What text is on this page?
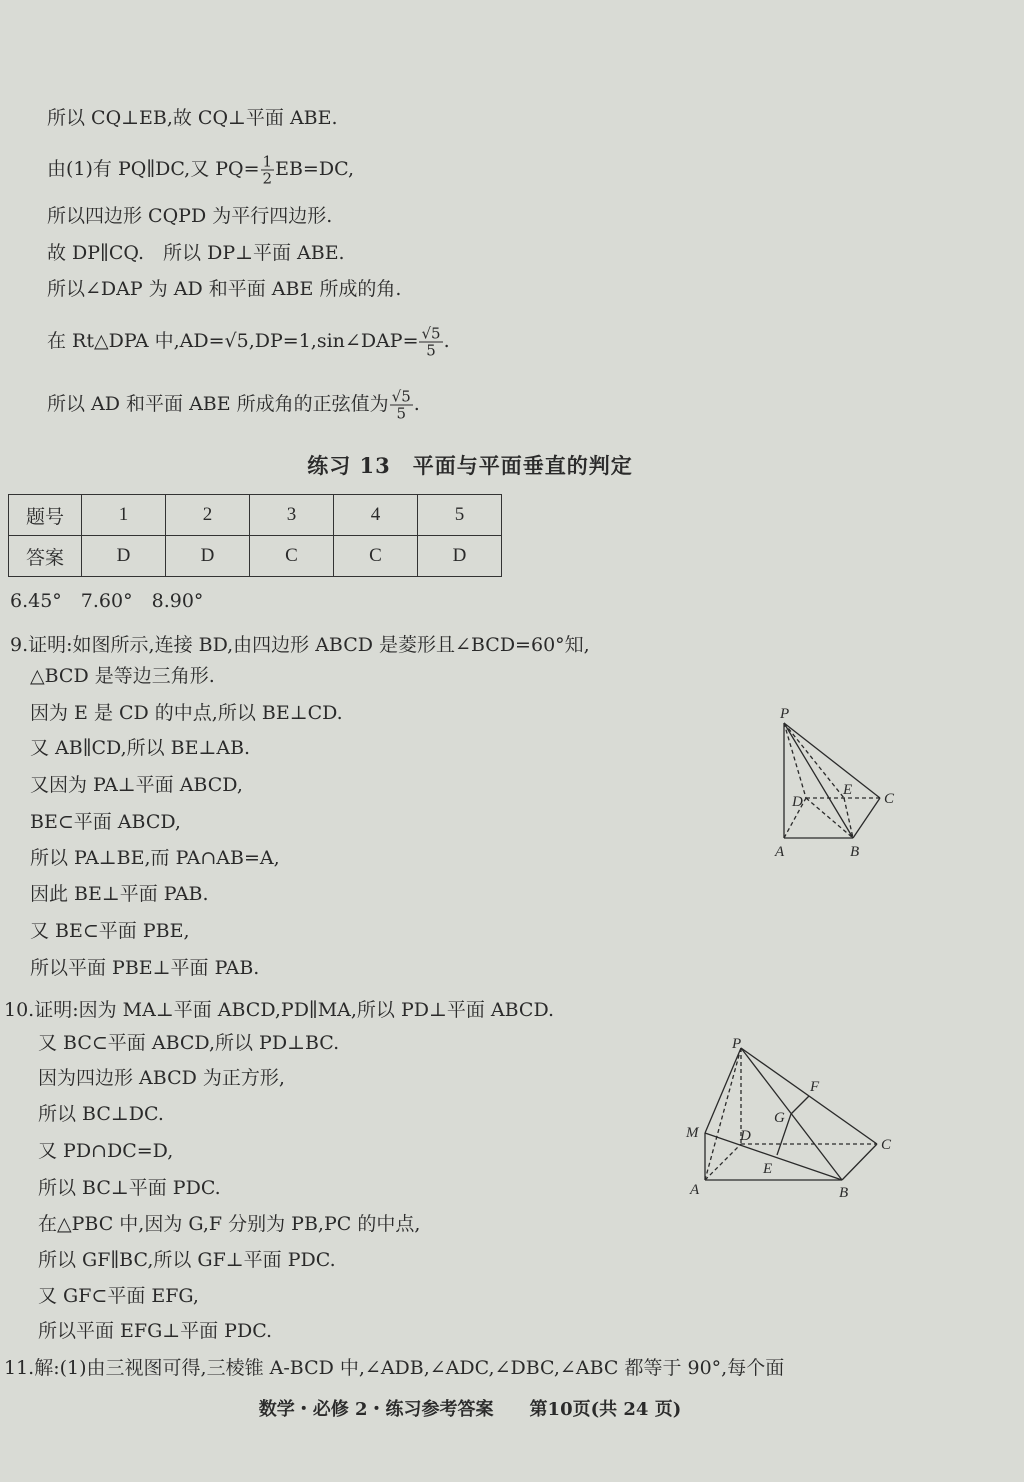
所以 CQ⊥EB,故 CQ⊥平面 ABE.
由(1)有 PQ∥DC,又 $PQ= \frac{1}{2} EB=DC$,
所以四边形 CQPD 为平行四边形.
故 DP∥CQ.　所以 DP⊥平面 ABE.
所以∠DAP 为 AD 和平面 ABE 所成的角.
在 Rt△DPA 中,AD=√5,DP=1,sin∠DAP= $\frac{√5}{5}$ .
所以 AD 和平面 ABE 所成角的正弦值为 $\frac{√5}{5}$ .
练习 13　平面与平面垂直的判定
题号	1	2	3	4	5
答案	D	D	C	C	D
6.45°　7.60°　8.90°
9.证明:如图所示,连接 BD,由四边形 ABCD 是菱形且∠BCD=60°知,
△BCD 是等边三角形.
因为 E 是 CD 的中点,所以 BE⊥CD.
又 AB∥CD,所以 BE⊥AB.
又因为 PA⊥平面 ABCD,
BE⊂平面 ABCD,
所以 PA⊥BE,而 PA∩AB=A,
因此 BE⊥平面 PAB.
又 BE⊂平面 PBE,
所以平面 PBE⊥平面 PAB.
10.证明:因为 MA⊥平面 ABCD,PD∥MA,所以 PD⊥平面 ABCD.
又 BC⊂平面 ABCD,所以 PD⊥BC.
因为四边形 ABCD 为正方形,
所以 BC⊥DC.
又 PD∩DC=D,
所以 BC⊥平面 PDC.
在△PBC 中,因为 G,F 分别为 PB,PC 的中点,
所以 GF∥BC,所以 GF⊥平面 PDC.
又 GF⊂平面 EFG,
所以平面 EFG⊥平面 PDC.
11.解:(1)由三视图可得,三棱锥 A-BCD 中,∠ADB,∠ADC,∠DBC,∠ABC 都等于 90°,每个面
P
A	B
C
D
E
P
M
A	B
C
D
E
F
G
数学・必修 2・练习参考答案　　第10页(共 24 页)
